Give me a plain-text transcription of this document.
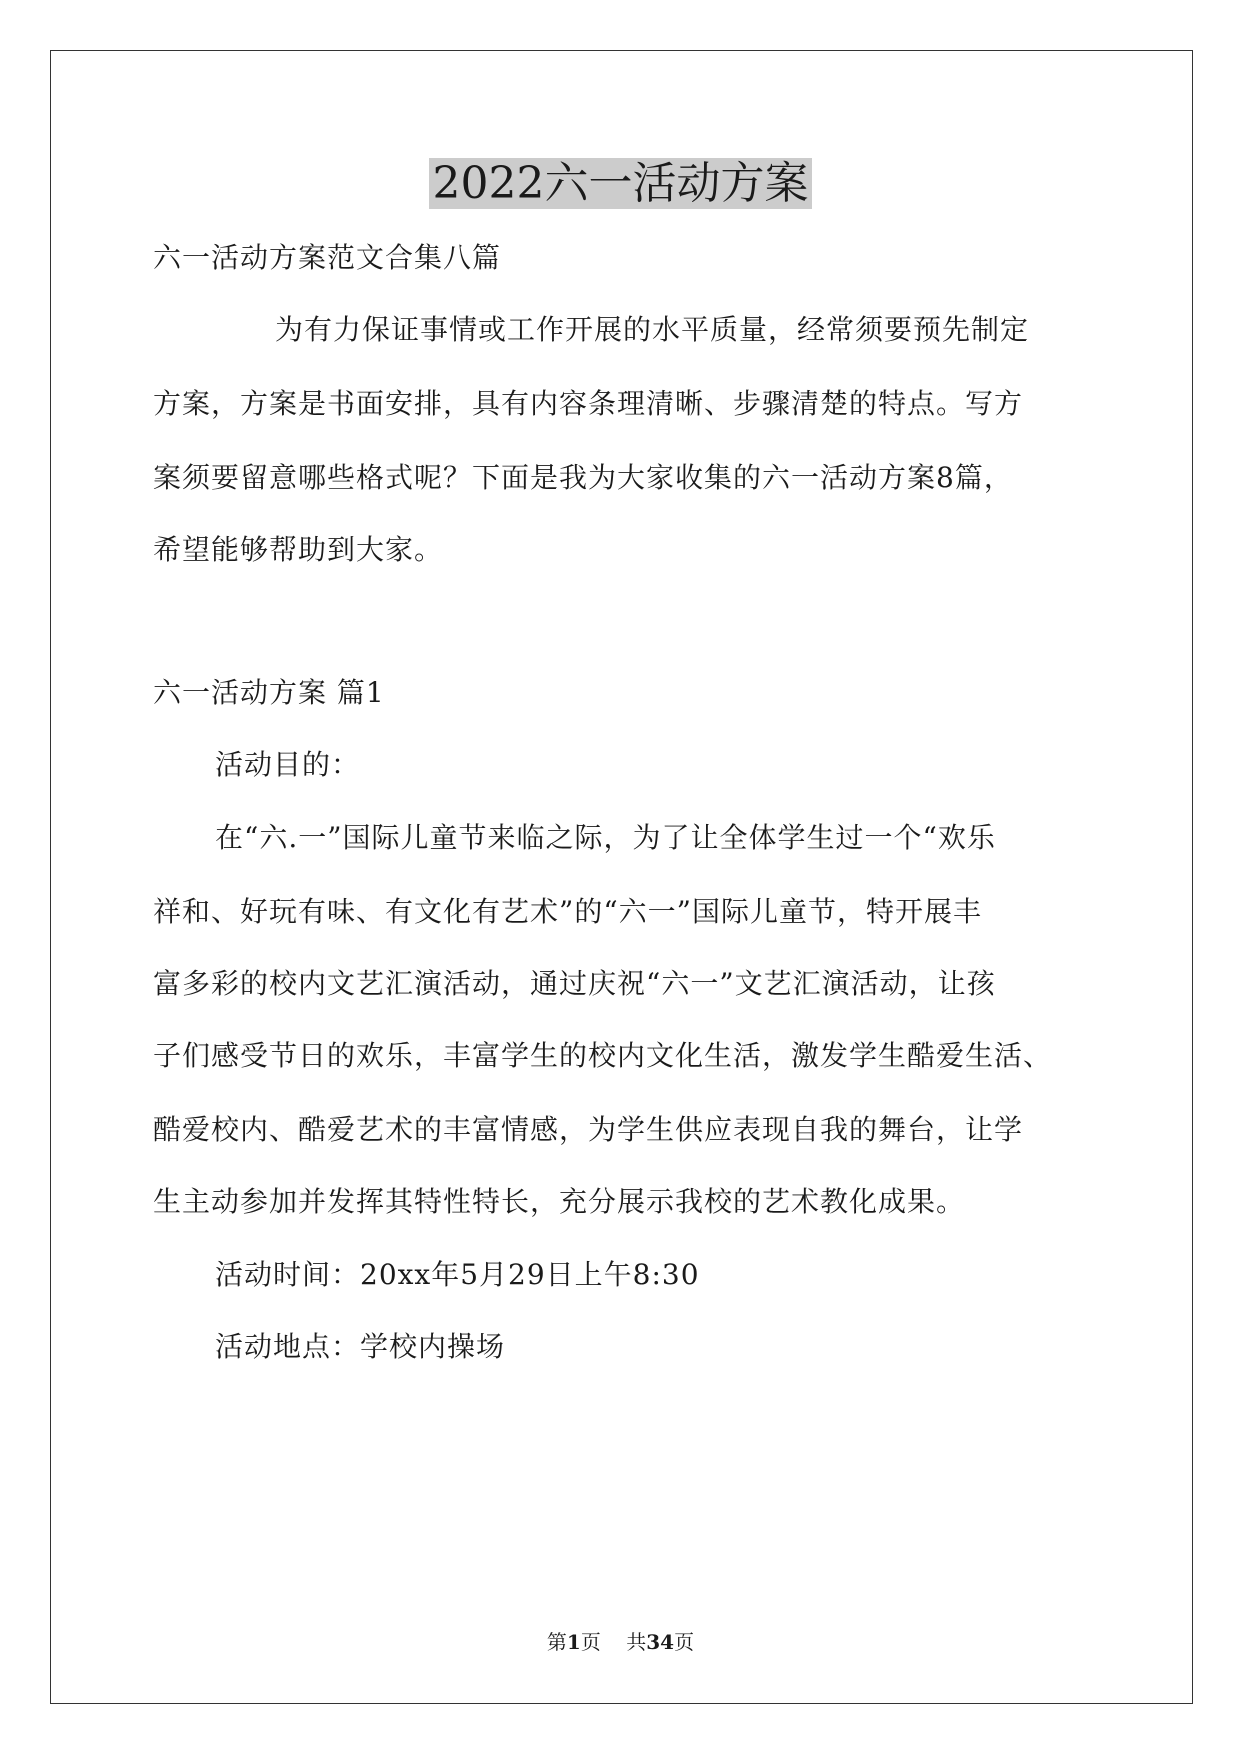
2022六一活动方案
六一活动方案范文合集八篇
为有力保证事情或工作开展的水平质量，经常须要预先制定
方案，方案是书面安排，具有内容条理清晰、步骤清楚的特点。写方
案须要留意哪些格式呢？下面是我为大家收集的六一活动方案8篇，
希望能够帮助到大家。
六一活动方案 篇1
活动目的：
在“六.一”国际儿童节来临之际，为了让全体学生过一个“欢乐
祥和、好玩有味、有文化有艺术”的“六一”国际儿童节，特开展丰
富多彩的校内文艺汇演活动，通过庆祝“六一”文艺汇演活动，让孩
子们感受节日的欢乐，丰富学生的校内文化生活，激发学生酷爱生活、
酷爱校内、酷爱艺术的丰富情感，为学生供应表现自我的舞台，让学
生主动参加并发挥其特性特长，充分展示我校的艺术教化成果。
活动时间：20xx年5月29日上午8:30
活动地点：学校内操场
第1页 共34页
